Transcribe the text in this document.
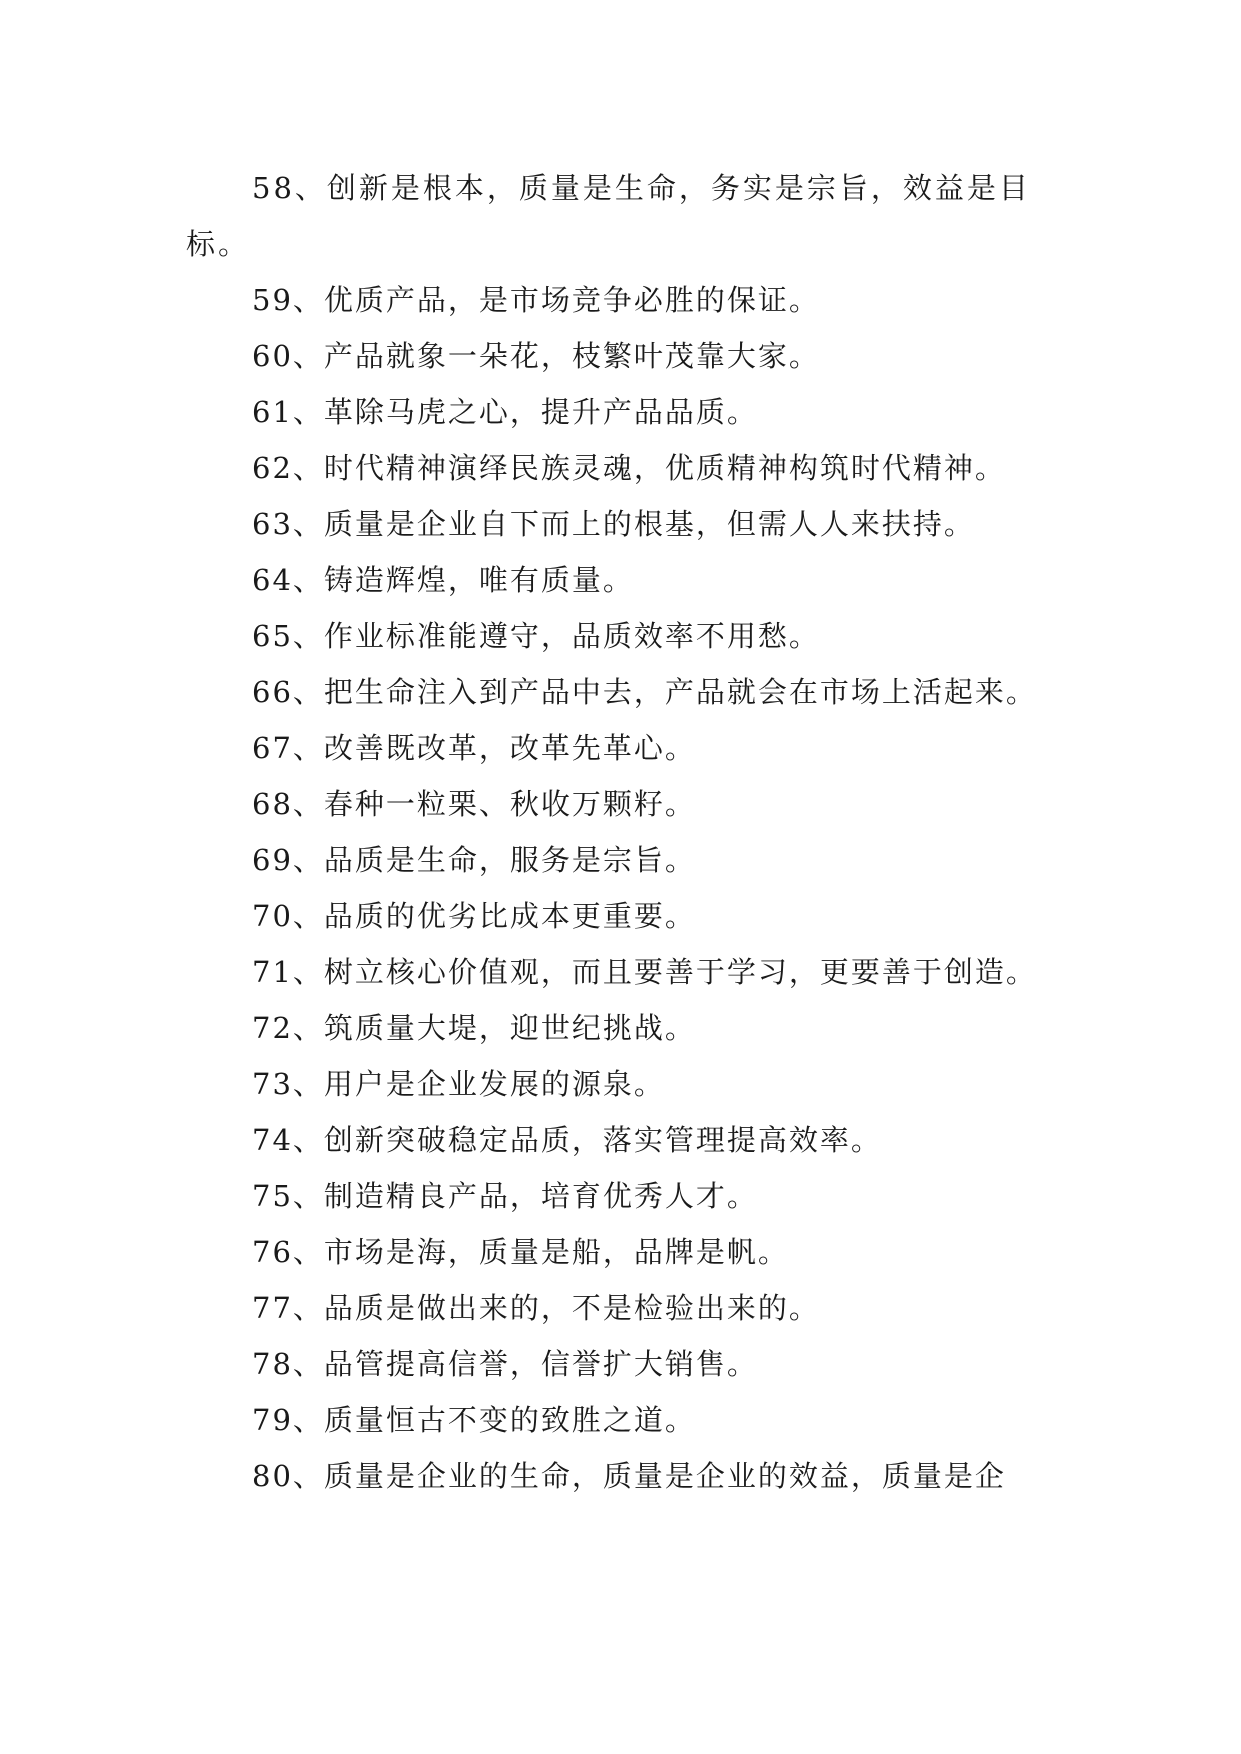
58、创新是根本，质量是生命，务实是宗旨，效益是目标。

59、优质产品，是市场竞争必胜的保证。

60、产品就象一朵花，枝繁叶茂靠大家。

61、革除马虎之心，提升产品品质。

62、时代精神演绎民族灵魂，优质精神构筑时代精神。

63、质量是企业自下而上的根基，但需人人来扶持。

64、铸造辉煌，唯有质量。

65、作业标准能遵守，品质效率不用愁。

66、把生命注入到产品中去，产品就会在市场上活起来。

67、改善既改革，改革先革心。

68、春种一粒栗、秋收万颗籽。

69、品质是生命，服务是宗旨。

70、品质的优劣比成本更重要。

71、树立核心价值观，而且要善于学习，更要善于创造。

72、筑质量大堤，迎世纪挑战。

73、用户是企业发展的源泉。

74、创新突破稳定品质，落实管理提高效率。

75、制造精良产品，培育优秀人才。

76、市场是海，质量是船，品牌是帆。

77、品质是做出来的，不是检验出来的。

78、品管提高信誉，信誉扩大销售。

79、质量恒古不变的致胜之道。

80、质量是企业的生命，质量是企业的效益，质量是企
